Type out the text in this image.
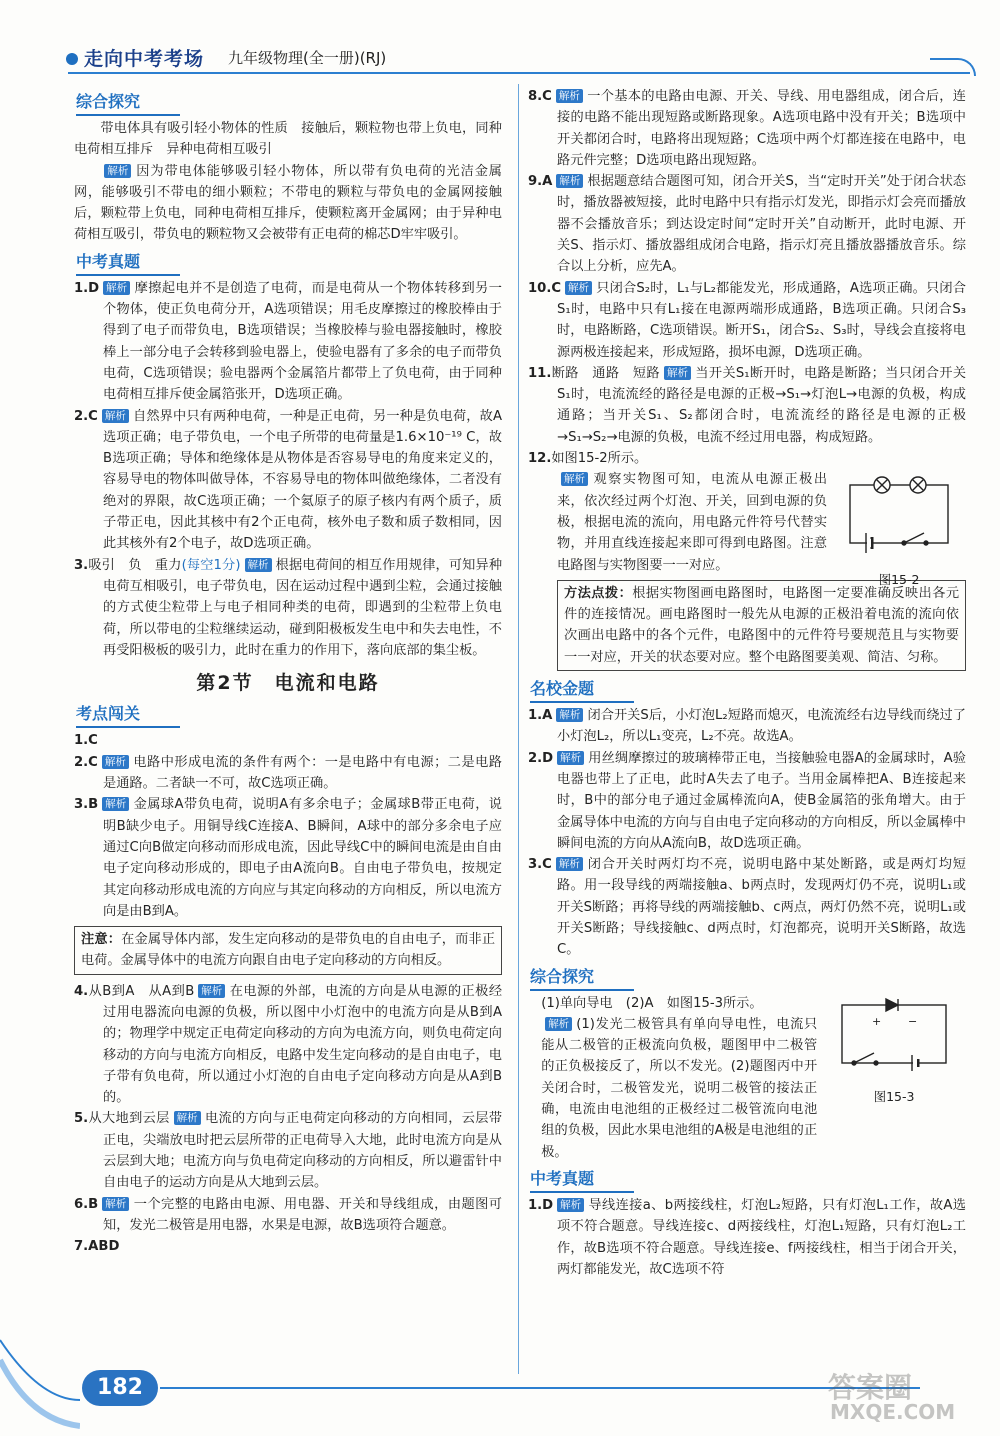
走向中考考场 九年级物理(全一册)(RJ)
综合探究

带电体具有吸引轻小物体的性质　接触后，颗粒物也带上负电，同种电荷相互排斥　异种电荷相互吸引

解析 因为带电体能够吸引轻小物体，所以带有负电荷的光洁金属网，能够吸引不带电的细小颗粒；不带电的颗粒与带负电的金属网接触后，颗粒带上负电，同种电荷相互排斥，使颗粒离开金属网；由于异种电荷相互吸引，带负电的颗粒物又会被带有正电荷的棉芯D牢牢吸引。

中考真题

1.D 解析 摩擦起电并不是创造了电荷，而是电荷从一个物体转移到另一个物体，使正负电荷分开，A选项错误；用毛皮摩擦过的橡胶棒由于得到了电子而带负电，B选项错误；当橡胶棒与验电器接触时，橡胶棒上一部分电子会转移到验电器上，使验电器有了多余的电子而带负电荷，C选项错误；验电器两个金属箔片都带上了负电荷，由于同种电荷相互排斥使金属箔张开，D选项正确。

2.C 解析 自然界中只有两种电荷，一种是正电荷，另一种是负电荷，故A选项正确；电子带负电，一个电子所带的电荷量是1.6×10⁻¹⁹ C，故B选项正确；导体和绝缘体是从物体是否容易导电的角度来定义的，容易导电的物体叫做导体，不容易导电的物体叫做绝缘体，二者没有绝对的界限，故C选项正确；一个氦原子的原子核内有两个质子，质子带正电，因此其核中有2个正电荷，核外电子数和质子数相同，因此其核外有2个电子，故D选项正确。

3.吸引　负　重力(每空1分) 解析 根据电荷间的相互作用规律，可知异种电荷互相吸引，电子带负电，因在运动过程中遇到尘粒，会通过接触的方式使尘粒带上与电子相同种类的电荷，即遇到的尘粒带上负电荷，所以带电的尘粒继续运动，碰到阳极板发生电中和失去电性，不再受阳极板的吸引力，此时在重力的作用下，落向底部的集尘板。

第2节　电流和电路
考点闯关

1.C

2.C 解析 电路中形成电流的条件有两个：一是电路中有电源；二是电路是通路。二者缺一不可，故C选项正确。

3.B 解析 金属球A带负电荷，说明A有多余电子；金属球B带正电荷，说明B缺少电子。用铜导线C连接A、B瞬间，A球中的部分多余电子应通过C向B做定向移动而形成电流，因此导线C中的瞬间电流是由自由电子定向移动形成的，即电子由A流向B。自由电子带负电，按规定其定向移动形成电流的方向应与其定向移动的方向相反，所以电流方向是由B到A。

注意：在金属导体内部，发生定向移动的是带负电的自由电子，而非正电荷。金属导体中的电流方向跟自由电子定向移动的方向相反。

4.从B到A　从A到B 解析 在电源的外部，电流的方向是从电源的正极经过用电器流向电源的负极，所以图中小灯泡中的电流方向是从B到A的；物理学中规定正电荷定向移动的方向为电流方向，则负电荷定向移动的方向与电流方向相反，电路中发生定向移动的是自由电子，电子带有负电荷，所以通过小灯泡的自由电子定向移动方向是从A到B的。

5.从大地到云层 解析 电流的方向与正电荷定向移动的方向相同，云层带正电，尖端放电时把云层所带的正电荷导入大地，此时电流方向是从云层到大地；电流方向与负电荷定向移动的方向相反，所以避雷针中自由电子的运动方向是从大地到云层。

6.B 解析 一个完整的电路由电源、用电器、开关和导线组成，由题图可知，发光二极管是用电器，水果是电源，故B选项符合题意。

7.ABD

8.C 解析 一个基本的电路由电源、开关、导线、用电器组成，闭合后，连接的电路不能出现短路或断路现象。A选项电路中没有开关；B选项中开关都闭合时，电路将出现短路；C选项中两个灯都连接在电路中，电路元件完整；D选项电路出现短路。

9.A 解析 根据题意结合题图可知，闭合开关S，当“定时开关”处于闭合状态时，播放器被短接，此时电路中只有指示灯发光，即指示灯会亮而播放器不会播放音乐；到达设定时间“定时开关”自动断开，此时电源、开关S、指示灯、播放器组成闭合电路，指示灯亮且播放器播放音乐。综合以上分析，应先A。

10.C 解析 只闭合S₂时，L₁与L₂都能发光，形成通路，A选项正确。只闭合S₁时，电路中只有L₁接在电源两端形成通路，B选项正确。只闭合S₃时，电路断路，C选项错误。断开S₁，闭合S₂、S₃时，导线会直接将电源两极连接起来，形成短路，损坏电源，D选项正确。

11.断路　通路　短路 解析 当开关S₁断开时，电路是断路；当只闭合开关S₁时，电流流经的路径是电源的正极→S₁→灯泡L→电源的负极，构成通路；当开关S₁、S₂都闭合时，电流流经的路径是电源的正极→S₁→S₂→电源的负极，电流不经过用电器，构成短路。

12.如图15-2所示。

解析 观察实物图可知，电流从电源正极出来，依次经过两个灯泡、开关，回到电源的负极，根据电流的流向，用电路元件符号代替实物，并用直线连接起来即可得到电路图。注意电路图与实物图要一一对应。
图15-2
方法点拨：根据实物图画电路图时，电路图一定要准确反映出各元件的连接情况。画电路图时一般先从电源的正极沿着电流的流向依次画出电路中的各个元件，电路图中的元件符号要规范且与实物要一一对应，开关的状态要对应。整个电路图要美观、简洁、匀称。
名校金题

1.A 解析 闭合开关S后，小灯泡L₂短路而熄灭，电流流经右边导线而绕过了小灯泡L₂，所以L₁变亮，L₂不亮。故选A。

2.D 解析 用丝绸摩擦过的玻璃棒带正电，当接触验电器A的金属球时，A验电器也带上了正电，此时A失去了电子。当用金属棒把A、B连接起来时，B中的部分电子通过金属棒流向A，使B金属箔的张角增大。由于金属导体中电流的方向与自由电子定向移动的方向相反，所以金属棒中瞬间电流的方向从A流向B，故D选项正确。

3.C 解析 闭合开关时两灯均不亮，说明电路中某处断路，或是两灯均短路。用一段导线的两端接触a、b两点时，发现两灯仍不亮，说明L₁或开关S断路；再将导线的两端接触b、c两点，两灯仍然不亮，说明L₁或开关S断路；导线接触c、d两点时，灯泡都亮，说明开关S断路，故选C。

综合探究

(1)单向导电　(2)A　如图15-3所示。

解析 (1)发光二极管具有单向导电性，电流只能从二极管的正极流向负极，题图甲中二极管的正负极接反了，所以不发光。(2)题图丙中开关闭合时，二极管发光，说明二极管的接法正确，电流由电池组的正极经过二极管流向电池组的负极，因此水果电池组的A极是电池组的正极。

+ −
图15-3
中考真题

1.D 解析 导线连接a、b两接线柱，灯泡L₂短路，只有灯泡L₁工作，故A选项不符合题意。导线连接c、d两接线柱，灯泡L₁短路，只有灯泡L₂工作，故B选项不符合题意。导线连接e、f两接线柱，相当于闭合开关，两灯都能发光，故C选项不符

182	答案圈
MXQE.COM
